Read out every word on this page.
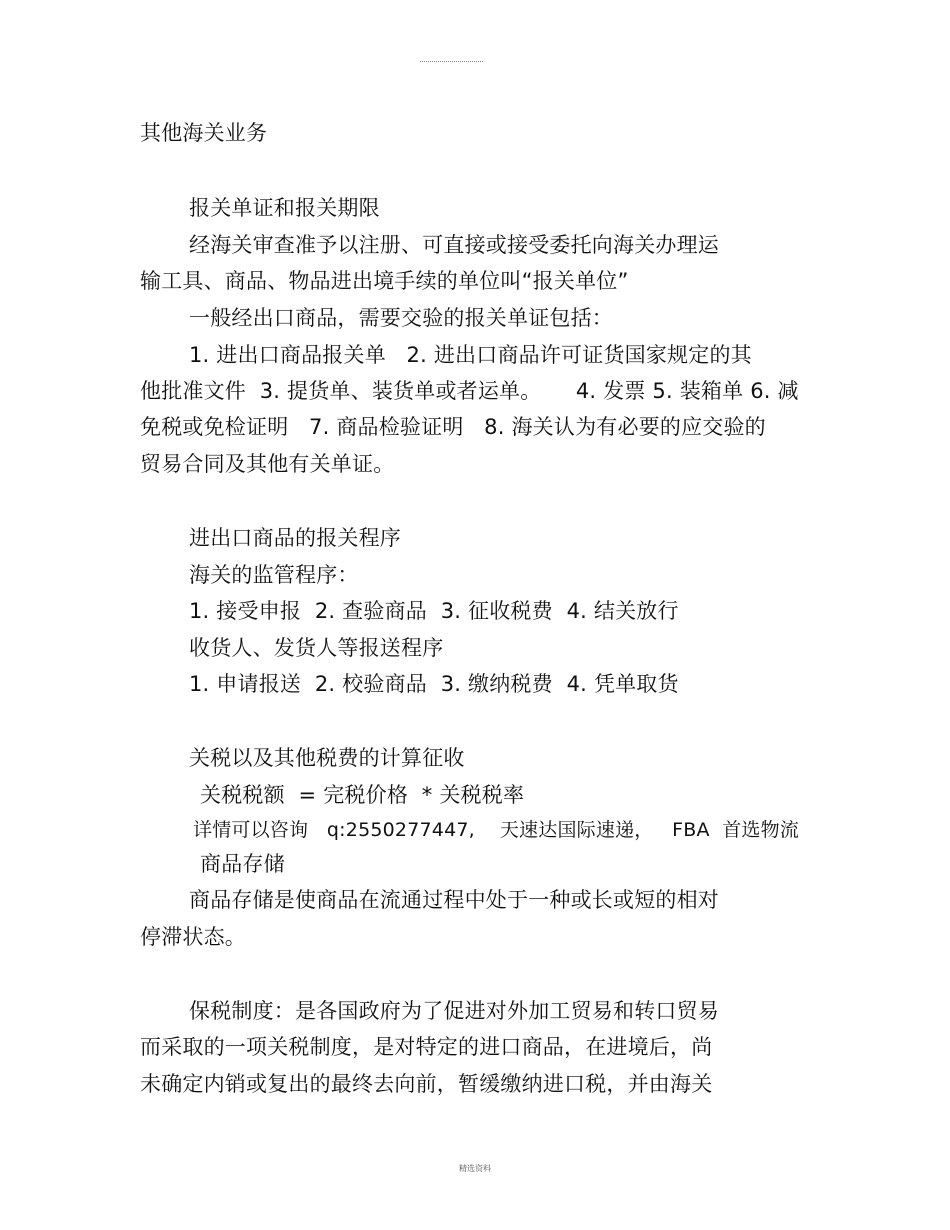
其他海关业务
报关单证和报关期限
经海关审查准予以注册、可直接或接受委托向海关办理运
输工具、商品、物品进出境手续的单位叫“报关单位”
一般经出口商品，需要交验的报关单证包括：
1. 进出口商品报关单   2. 进出口商品许可证货国家规定的其
他批准文件  3. 提货单、装货单或者运单。     4. 发票 5. 装箱单 6. 减
免税或免检证明   7. 商品检验证明   8. 海关认为有必要的应交验的
贸易合同及其他有关单证。
进出口商品的报关程序
海关的监管程序：
1. 接受申报  2. 查验商品  3. 征收税费  4. 结关放行
收货人、发货人等报送程序
1. 申请报送  2. 校验商品  3. 缴纳税费  4. 凭单取货
关税以及其他税费的计算征收
关税税额  = 完税价格  * 关税税率
详情可以咨询   q:2550277447,    天速达国际速递，   FBA  首选物流
商品存储
商品存储是使商品在流通过程中处于一种或长或短的相对
停滞状态。
保税制度：是各国政府为了促进对外加工贸易和转口贸易
而采取的一项关税制度，是对特定的进口商品，在进境后，尚
未确定内销或复出的最终去向前，暂缓缴纳进口税，并由海关
精选资料
